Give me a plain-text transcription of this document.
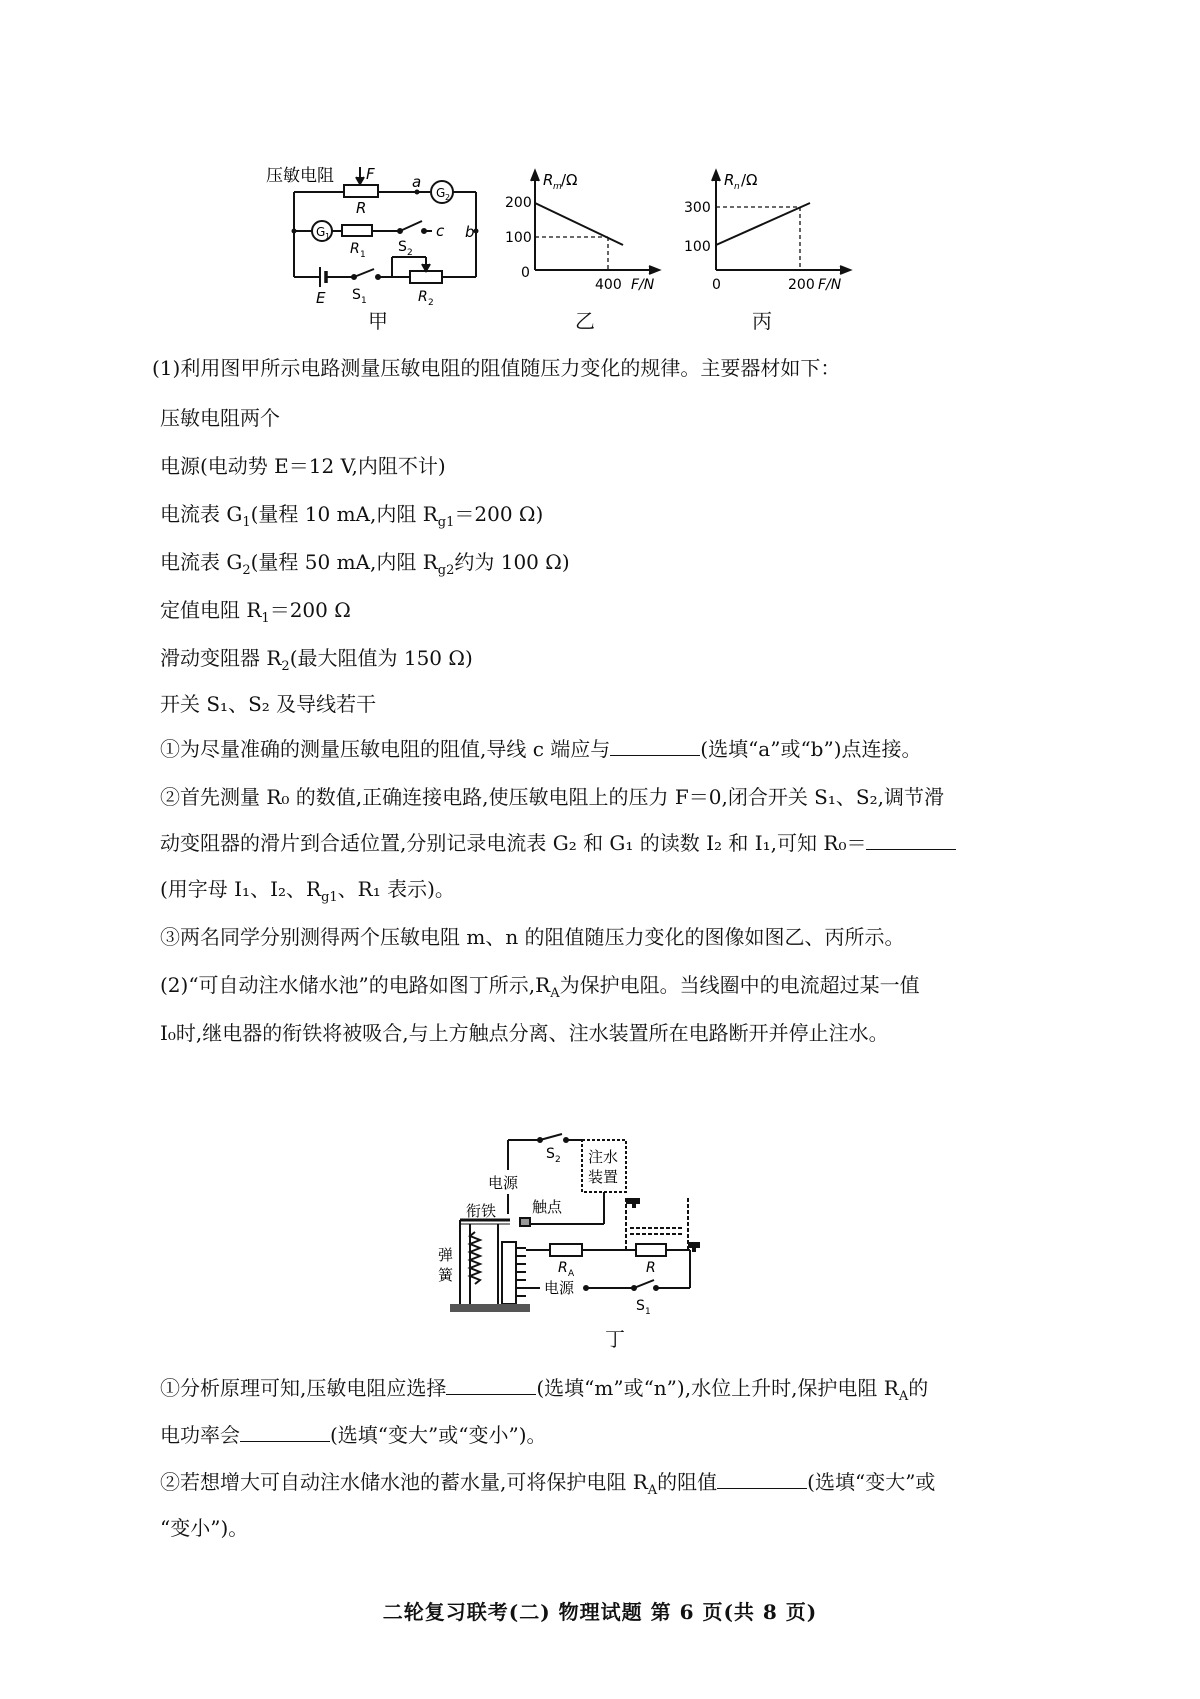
压敏电阻 F
R
a
b
c
G 2
G 1
R 1 S 2
S 1	R 2
E
甲
R m /Ω
200
100
0
400 F/N
乙
R n /Ω
300
100
0	200 F/N
丙
(1)利用图甲所示电路测量压敏电阻的阻值随压力变化的规律。主要器材如下：
压敏电阻两个
电源(电动势 E＝12 V,内阻不计)
电流表 $G_1$(量程 10 mA,内阻 $R_{g1}=200$ Ω)
电流表 $G_2$(量程 50 mA,内阻 $R_{g2}$约为 100 Ω)
定值电阻 $R_1=200$ Ω
滑动变阻器 $R_2$(最大阻值为 150 Ω)
开关 S₁、S₂ 及导线若干
①为尽量准确的测量压敏电阻的阻值,导线 c 端应与	(选填“a”或“b”)点连接。
②首先测量 R₀ 的数值,正确连接电路,使压敏电阻上的压力 F＝0,闭合开关 S₁、S₂,调节滑
动变阻器的滑片到合适位置,分别记录电流表 G₂ 和 G₁ 的读数 I₂ 和 I₁,可知 R₀＝
(用字母 I₁、I₂、$R_{g1}$、R₁ 表示)。
③两名同学分别测得两个压敏电阻 m、n 的阻值随压力变化的图像如图乙、丙所示。
(2)“可自动注水储水池”的电路如图丁所示$,R_A$为保护电阻。当线圈中的电流超过某一值
I₀时,继电器的衔铁将被吸合,与上方触点分离、注水装置所在电路断开并停止注水。
S 2
电源
注水
装置
衔铁 触点
弹
簧	R A	R
电源
S 1
丁
①分析原理可知,压敏电阻应选择	(选填“m”或“n”),水位上升时,保护电阻 $R_A$的
电功率会	(选填“变大”或“变小”)。
②若想增大可自动注水储水池的蓄水量,可将保护电阻 $R_A$的阻值	(选填“变大”或
“变小”)。
二轮复习联考(二) 物理试题 第 6 页(共 8 页)
